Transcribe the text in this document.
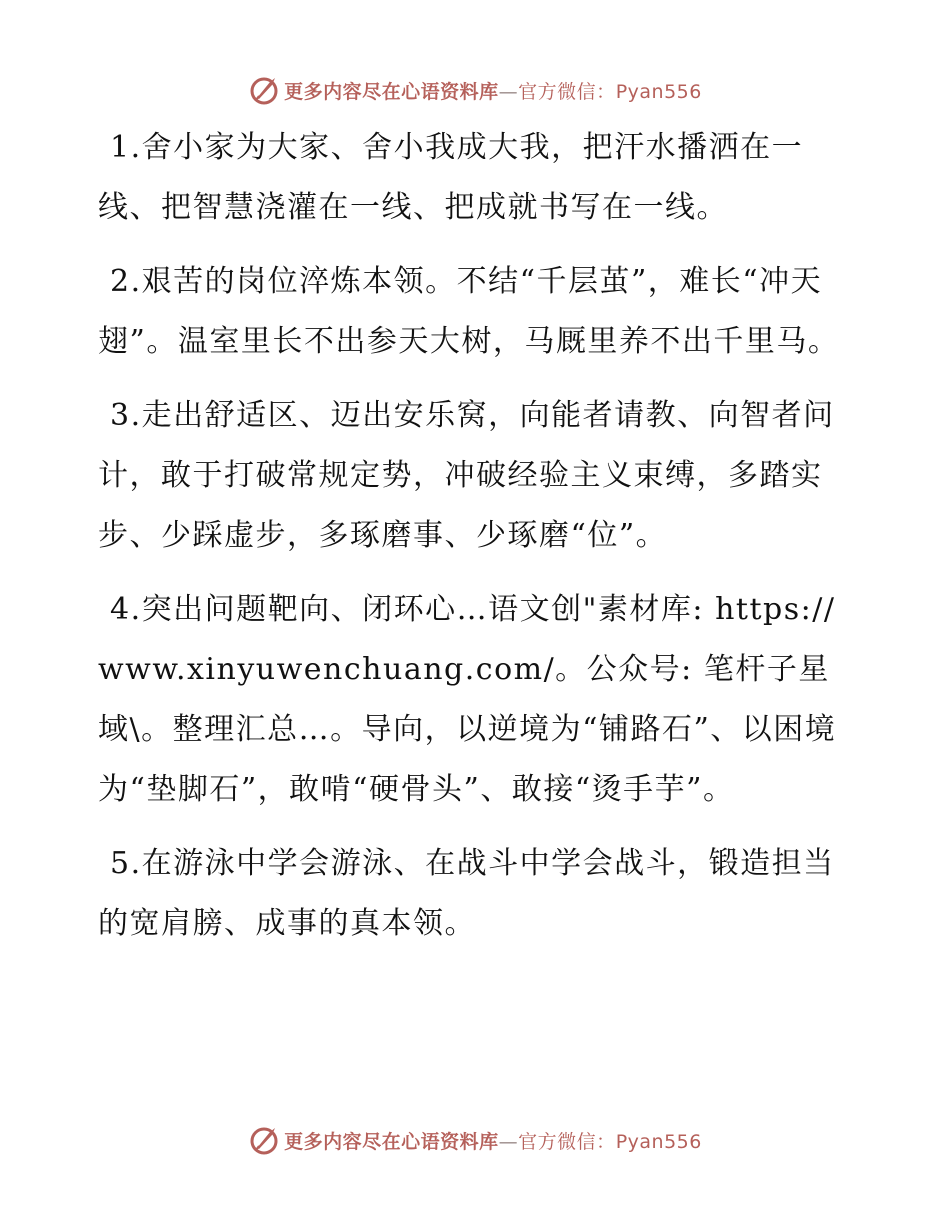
更多内容尽在心语资料库—官方微信：Pyan556

1.舍小家为大家、舍小我成大我，把汗水播洒在一线、把智慧浇灌在一线、把成就书写在一线。

2.艰苦的岗位淬炼本领。不结“千层茧”，难长“冲天翅”。温室里长不出参天大树，马厩里养不出千里马。

3.走出舒适区、迈出安乐窝，向能者请教、向智者问计，敢于打破常规定势，冲破经验主义束缚，多踏实步、少踩虚步，多琢磨事、少琢磨“位”。

4.突出问题靶向、闭环心…语文创"素材库: https://www.xinyuwenchuang.com/。公众号: 笔杆子星域\。整理汇总…。导向，以逆境为“铺路石”、以困境为“垫脚石”，敢啃“硬骨头”、敢接“烫手芋”。

5.在游泳中学会游泳、在战斗中学会战斗，锻造担当的宽肩膀、成事的真本领。

更多内容尽在心语资料库—官方微信：Pyan556
